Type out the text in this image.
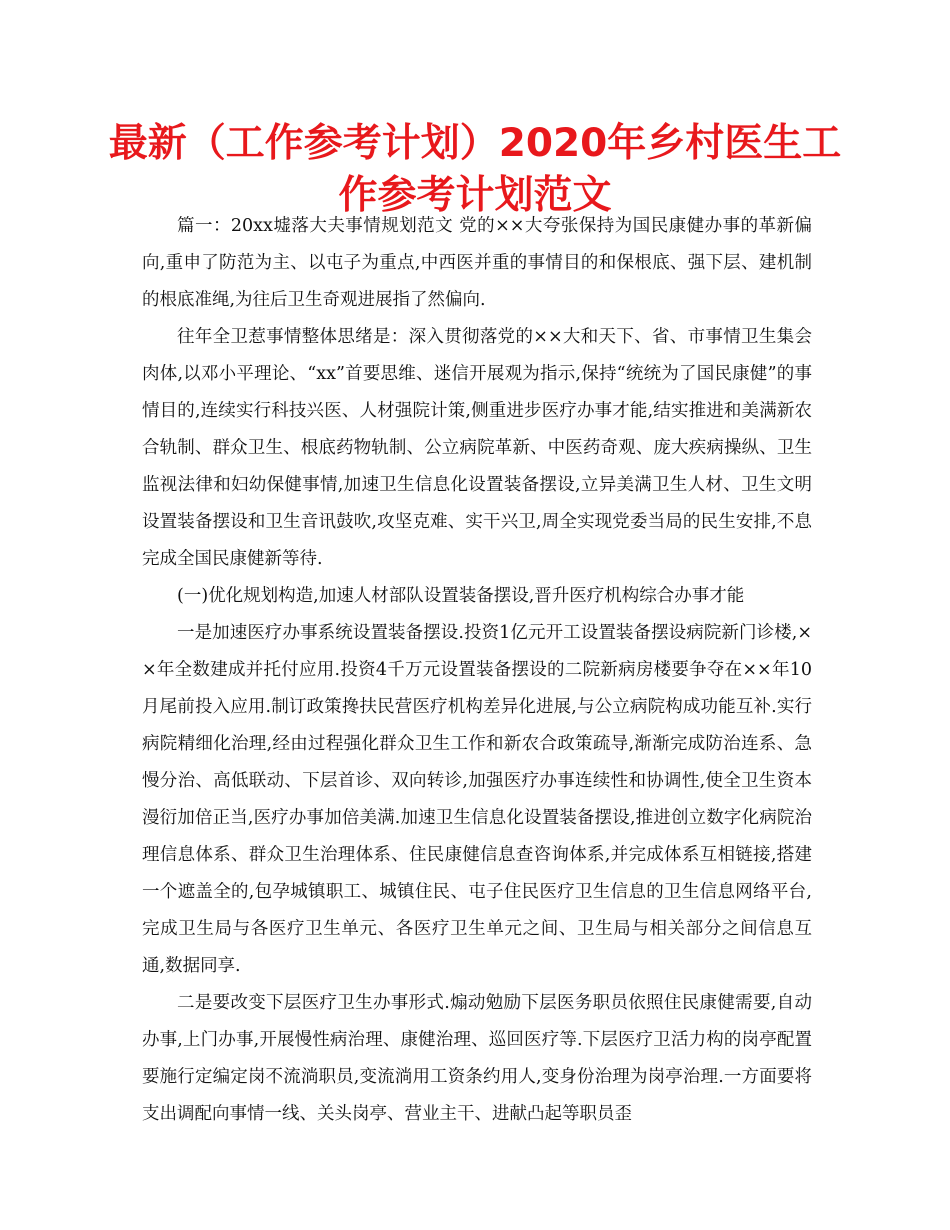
最新（工作参考计划）2020年乡村医生工作参考计划范文

篇一：20xx墟落大夫事情规划范文 党的××大夸张保持为国民康健办事的革新偏向,重申了防范为主、以屯子为重点,中西医并重的事情目的和保根底、强下层、建机制的根底准绳,为往后卫生奇观进展指了然偏向.

往年全卫惹事情整体思绪是：深入贯彻落党的××大和天下、省、市事情卫生集会肉体,以邓小平理论、“xx”首要思维、迷信开展观为指示,保持“统统为了国民康健”的事情目的,连续实行科技兴医、人材强院计策,侧重进步医疗办事才能,结实推进和美满新农合轨制、群众卫生、根底药物轨制、公立病院革新、中医药奇观、庞大疾病操纵、卫生监视法律和妇幼保健事情,加速卫生信息化设置装备摆设,立异美满卫生人材、卫生文明设置装备摆设和卫生音讯鼓吹,攻坚克难、实干兴卫,周全实现党委当局的民生安排,不息完成全国民康健新等待.

(一)优化规划构造,加速人材部队设置装备摆设,晋升医疗机构综合办事才能

一是加速医疗办事系统设置装备摆设.投资1亿元开工设置装备摆设病院新门诊楼,××年全数建成并托付应用.投资4千万元设置装备摆设的二院新病房楼要争夺在××年10月尾前投入应用.制订政策搀扶民营医疗机构差异化进展,与公立病院构成功能互补.实行病院精细化治理,经由过程强化群众卫生工作和新农合政策疏导,渐渐完成防治连系、急慢分治、高低联动、下层首诊、双向转诊,加强医疗办事连续性和协调性,使全卫生资本漫衍加倍正当,医疗办事加倍美满.加速卫生信息化设置装备摆设,推进创立数字化病院治理信息体系、群众卫生治理体系、住民康健信息查咨询体系,并完成体系互相链接,搭建一个遮盖全的,包孕城镇职工、城镇住民、屯子住民医疗卫生信息的卫生信息网络平台,完成卫生局与各医疗卫生单元、各医疗卫生单元之间、卫生局与相关部分之间信息互通,数据同享.

二是要改变下层医疗卫生办事形式.煽动勉励下层医务职员依照住民康健需要,自动办事,上门办事,开展慢性病治理、康健治理、巡回医疗等.下层医疗卫活力构的岗亭配置要施行定编定岗不流淌职员,变流淌用工资条约用人,变身份治理为岗亭治理.一方面要将支出调配向事情一线、关头岗亭、营业主干、进献凸起等职员歪
